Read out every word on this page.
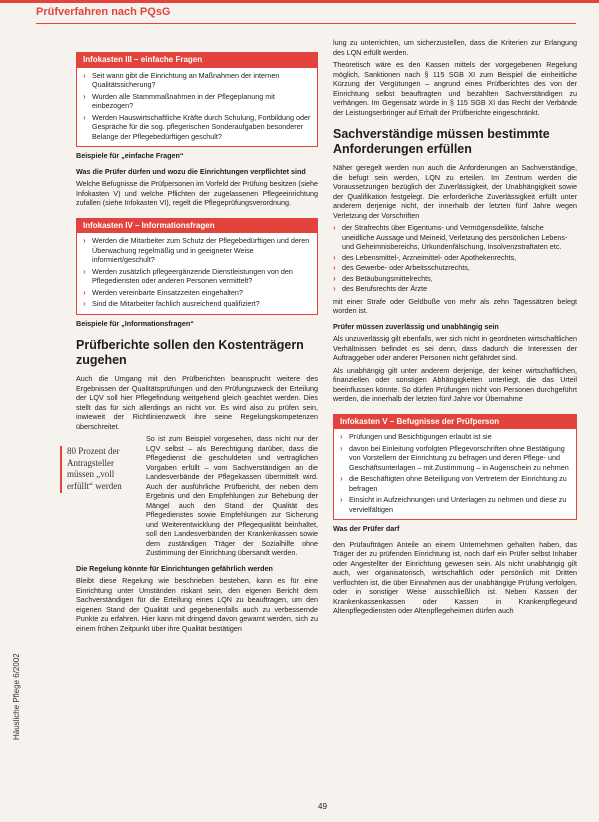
Prüfverfahren nach PQsG
Häusliche Pflege 6/2002
Infokasten III – einfache Fragen
› Seit wann gibt die Einrichtung an Maßnahmen der internen Qualitätssicherung?
› Wurden alle Stammmaßnahmen in der Pflegeplanung mit einbezogen?
› Werden Hauswirtschaftliche Kräfte durch Schulung, Fortbildung oder Gespräche für die sog. pflegerischen Sonderaufgaben besonderer Belange der Pflegebedürftigen geschult?
Beispiele für „einfache Fragen“
Was die Prüfer dürfen und wozu die Einrichtungen verpflichtet sind

Welche Befugnisse die Prüfpersonen im Vorfeld der Prüfung besitzen (siehe Infokasten V) und welche Pflichten der zugelassenen Pflegeeinrichtung zufallen (siehe Infokasten VI), regelt die Pflegeprüfungsverordnung.

Infokasten IV – Informationsfragen
› Werden die Mitarbeiter zum Schutz der Pflegebedürftigen und deren Überwachung regelmäßig und in geeigneter Weise informiert/geschult?
› Werden zusätzlich pflegeergänzende Dienstleistungen von den Pflegediensten oder anderen Personen vermittelt?
› Werden vereinbarte Einsatzzeiten eingehalten?
› Sind die Mitarbeiter fachlich ausreichend qualifiziert?
Beispiele für „Informationsfragen“
Prüfberichte sollen den Kostenträgern zugehen

Auch die Umgang mit den Prüfberichten beansprucht weitere des Ergebnissen der Qualitätsprüfungen und den Prüfungszweck der Erteilung der LQV soll hier Pflegefindung weitgehend gleich geachtet werden. Dies stellt das für sich allerdings an nicht vor. Es wird also zu prüfen sein, inwieweit der Richtlinienzweck ihre seine Regelungskompetenzen überschreitet.

So ist zum Beispiel vorgesehen, dass nicht nur der LQV selbst – als Berechtigung darüber, dass die Pflegedienst die geschuldeten und vertraglichen Vorgaben erfüllt – vom Sachverständigen an die Landesverbände der Pflegekassen übermittelt wird. Auch der ausführliche Prüfbericht, der neben dem Ergebnis und den Empfehlungen zur Behebung der Mängel auch den Stand der Qualität des Pflegedienstes sowie Empfehlungen zur Sicherung und Weiterentwicklung der Pflegequalität beinhaltet, soll den Landesverbänden der Krankenkassen sowie dem zuständigen Träger der Sozialhilfe ohne Zustimmung der Einrichtung übersandt werden.

Die Regelung könnte für Einrichtungen gefährlich werden

Bleibt diese Regelung wie beschrieben bestehen, kann es für eine Einrichtung unter Umständen riskant sein, den eigenen Bericht dem Sachverständigen für die Erteilung eines LQN zu beauftragen, um den eigenen Stand der Qualität und gegebenenfalls auch zu verbessernde Punkte zu erfahren. Hier kann mit dringend davon gewarnt werden, sich zu einem frühen Zeitpunkt über ihre Qualität bestätigen

80 Prozent der Antragsteller müssen „voll erfüllt“ werden

lung zu unterrichten, um sicherzustellen, dass die Kriterien zur Erlangung des LQN erfüllt werden.

Theoretisch wäre es den Kassen mittels der vorgegebenen Regelung möglich, Sanktionen nach § 115 SGB XI zum Beispiel die einheitliche Kürzung der Vergütungen – angrund eines Prüfberichtes des von der Einrichtung selbst beauftragten und bezahlten Sachverständigen zu verhängen. Im Gegensatz würde in § 115 SGB XI das Recht der Verbände der Leistungserbringer auf Erhalt der Prüfberichte eingeschränkt.

Sachverständige müssen bestimmte Anforderungen erfüllen

Näher geregelt werden nun auch die Anforderungen an Sachverständige, die befugt sein werden, LQN zu erteilen. Im Zentrum werden die Voraussetzungen bezüglich der Zuverlässigkeit, der Unabhängigkeit sowie der Qualifikation festgelegt. Die erforderliche Zuverlässigkeit erfüllt unter anderem derjenige nicht, der innerhalb der letzten fünf Jahre wegen Verletzung der Vorschriften

› der Strafrechts über Eigentums- und Vermögensdelikte, falsche uneidliche Aussage und Meineid, Verletzung des persönlichen Lebens- und Geheimnisbereichs, Urkundenfälschung, Insolvenzstraftaten etc.
› des Lebensmittel-, Arzneimittel- oder Apothekenrechts,
› des Gewerbe- oder Arbeitsschutzrechts,
› des Betäubungsmittelrechts,
› des Berufsrechts der Ärzte

mit einer Strafe oder Geldbuße von mehr als zehn Tagessätzen belegt worden ist.

Prüfer müssen zuverlässig und unabhängig sein

Als unzuverlässig gilt ebenfalls, wer sich nicht in geordneten wirtschaftlichen Verhältnissen befindet es sei denn, dass dadurch die Interessen der Auftraggeber oder anderer Personen nicht gefährdet sind.

Als unabhängig gilt unter anderem derjenige, der keiner wirtschaftlichen, finanziellen oder sonstigen Abhängigkeiten unterliegt, die das Urteil beeinflussen könnte. So dürfen Prüfungen nicht von Personen durchgeführt werden, die innerhalb der letzten fünf Jahre vor Übernahme

Infokasten V – Befugnisse der Prüfperson
› Prüfungen und Besichtigungen erlaubt ist sie
› davon bei Einleitung vorfolgten Pflegevorschriften ohne Bestätigung von Vorstellern der Einrichtung zu befragen und deren Pflege- und Geschäftsunterlagen – mit Zustimmung – in Augenschein zu nehmen
› die Beschäftigten ohne Beteiligung von Vertretern der Einrichtung zu befragen
› Einsicht in Aufzeichnungen und Unterlagen zu nehmen und diese zu vervielfältigen
Was der Prüfer darf

den Prüfaufträgen Anteile an einem Unternehmen gehalten haben, das Träger der zu prüfenden Einrichtung ist, noch darf ein Prüfer selbst Inhaber oder Angestellter der Einrichtung gewesen sein. Als nicht unabhängig gilt auch, wer organisatorisch, wirtschaftlich oder persönlich mit Dritten verflochten ist, die über Einnahmen aus der unabhängige Prüfung verfolgen, oder in sonstiger Weise ausschließlich ist. Neben Kassen der Krankenkassenkassen oder Kassen in Krankenpflegeund Altenpflegediensten oder Altenpflegeheimen dürfen auch

49
